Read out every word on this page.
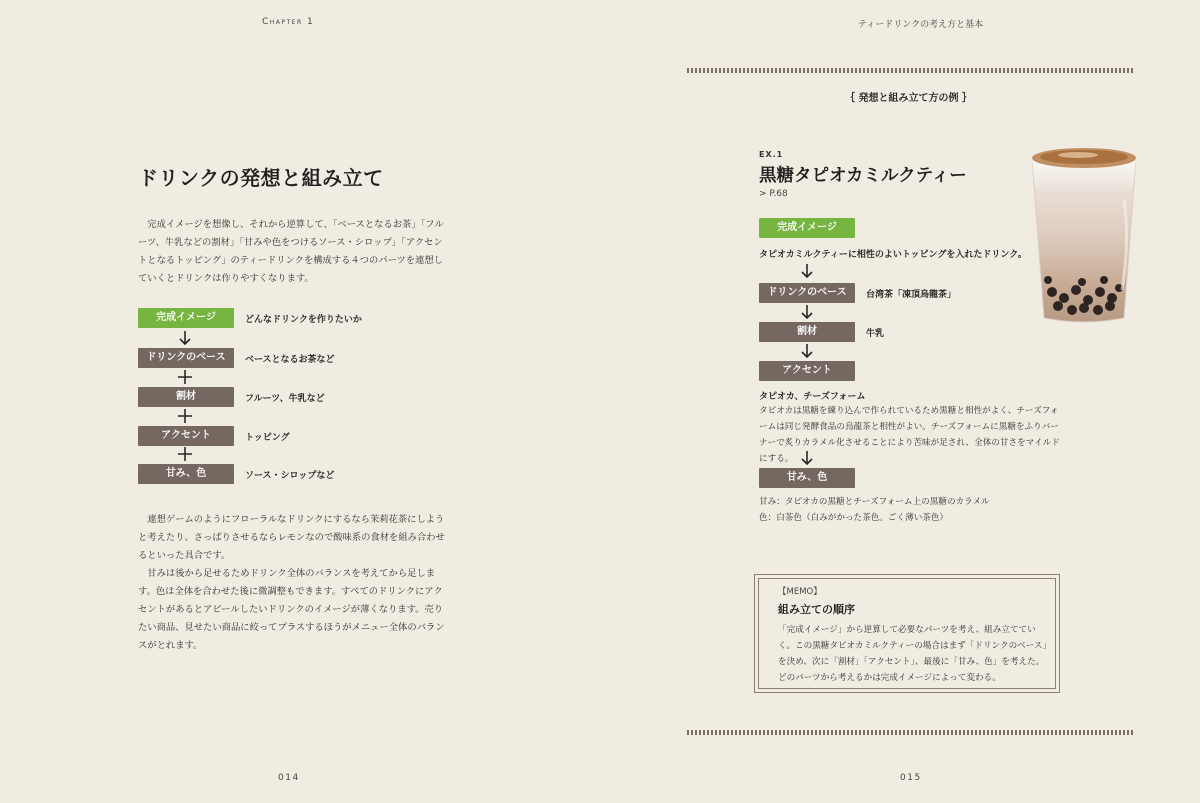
Chapter 1	ティードリンクの考え方と基本
ドリンクの発想と組み立て

完成イメージを想像し、それから逆算して、「ベースとなるお茶」「フルーツ、牛乳などの割材」「甘みや色をつけるソース・シロップ」「アクセントとなるトッピング」のティードリンクを構成する４つのパーツを連想していくとドリンクは作りやすくなります。

完成イメージ	どんなドリンクを作りたいか
ドリンクのベース	ベースとなるお茶など
割材	フルーツ、牛乳など
アクセント	トッピング
甘み、色	ソース・シロップなど

連想ゲームのようにフローラルなドリンクにするなら茉莉花茶にしようと考えたり、さっぱりさせるならレモンなので酸味系の食材を組み合わせるといった具合です。

甘みは後から足せるためドリンク全体のバランスを考えてから足します。色は全体を合わせた後に微調整もできます。すべてのドリンクにアクセントがあるとアピールしたいドリンクのイメージが薄くなります。売りたい商品、見せたい商品に絞ってプラスするほうがメニュー全体のバランスがとれます。

014
｛ 発想と組み立て方の例 ｝
EX.1
黒糖タピオカミルクティー
> P.68
完成イメージ
タピオカミルクティーに相性のよいトッピングを入れたドリンク。
ドリンクのベース	台湾茶「凍頂烏龍茶」
割材	牛乳
アクセント
タピオカ、チーズフォーム
タピオカは黒糖を練り込んで作られているため黒糖と相性がよく、チーズフォームは同じ発酵食品の烏龍茶と相性がよい。チーズフォームに黒糖をふりバーナーで炙りカラメル化させることにより苦味が足され、全体の甘さをマイルドにする。
甘み、色
甘み：タピオカの黒糖とチーズフォーム上の黒糖のカラメル
色：白茶色（白みがかった茶色。ごく薄い茶色）
【MEMO】
組み立ての順序
「完成イメージ」から逆算して必要なパーツを考え、組み立てていく。この黒糖タピオカミルクティーの場合はまず「ドリンクのベース」を決め、次に「割材」「アクセント」、最後に「甘み、色」を考えた。どのパーツから考えるかは完成イメージによって変わる。
015
